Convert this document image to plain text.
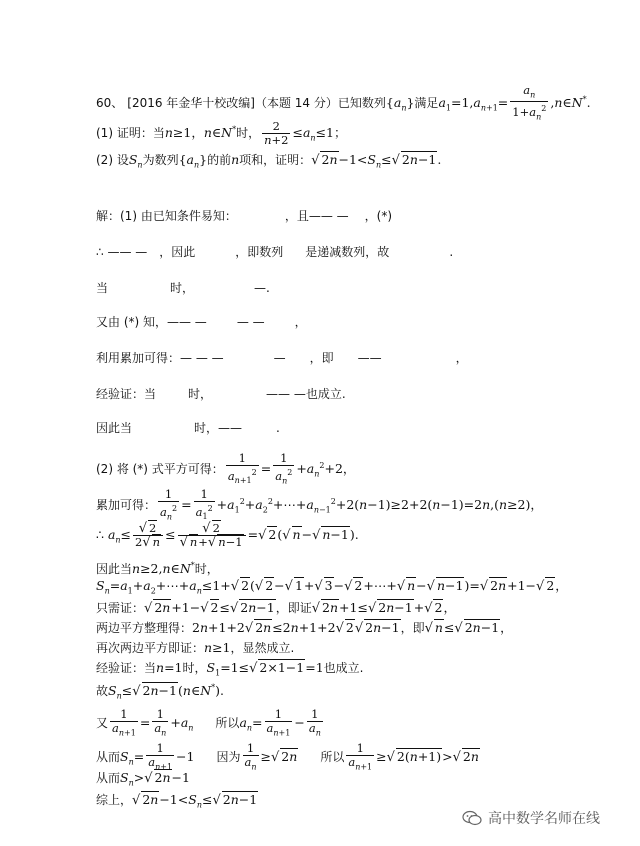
60、 [2016 年金华十校改编]（本题 14 分）已知数列$\{a_n\}$满足$a_1=1,a_{n+1}= \frac{a_n}{1+a_n^2}$ ,n∈N*.
(1) 证明：当n≥1，n∈N*时， $\frac{2}{n+2} \le a_n\le 1$；
(2) 设$S_n$为数列$\{a_n\}$的前n项和，证明：√ $2n-1<S_n\le√$ 2n−1.
解：(1) 由已知条件易知：	，且—— — ，(*)
∴ —— — ，因此	，即数列 是递减数列，故	.
当	时，	—.
又由 (*) 知，—— —	— —	，
利用累加可得：— — —	— ，即 ——	，
经验证：当	时，	—— —也成立.
因此当	时，——	.
(2) 将 (*) 式平方可得： $\frac{1}{a_{n+1}^2} = \frac{1}{a_n^2} +a_n^2+2$，
累加可得： $\frac{1}{a_n^2} = \frac{1}{a_1^2}$ $+a_1^2+a_2^2+\cdots+a_{n-1}^2+2(n-1)\ge 2+2(n-1)=2n,(n\ge 2)$，
∴ $a_n\le \frac{√ 2}{2√ n} \le \frac{√ 2}{√ n+√ n-1}$ =√ 2(√ n−√ n−1).
因此当n≥2,n∈N*时，
$S_n=a_1+a_2+\cdots+a_n\le 1+√$ 2(√ 2−√ 1+√ 3−√ 2+⋯+√ n−√ n−1)=√ 2n+1−√ 2，
只需证：√ 2n+1−√ 2≤√ 2n−1，即证√ 2n+1≤√ 2n−1+√ 2，
两边平方整理得：2n+1+2√ 2n≤2n+1+2√ 2√ 2n−1，即√ n≤√ 2n−1，
再次两边平方即证：n≥1，显然成立.
经验证：当n=1时，$S_1=1\le√$ 2×1−1=1也成立.
故$S_n\le√$ 2n−1(n∈N*).
又 $\frac{1}{a_{n+1}} = \frac{1}{a_n} +a_n$ 所以$a_n= \frac{1}{a_{n+1}} - \frac{1}{a_n}$
从而$S_n= \frac{1}{a_{n+1}} -1$ 因为 $\frac{1}{a_n}$ ≥√ 2n 所以 $\frac{1}{a_{n+1}}$ ≥√ 2(n+1)>√ 2n
从而$S_n>√$ 2n−1
综上，√ $2n-1<S_n\le√$ 2n−1
高中数学名师在线
